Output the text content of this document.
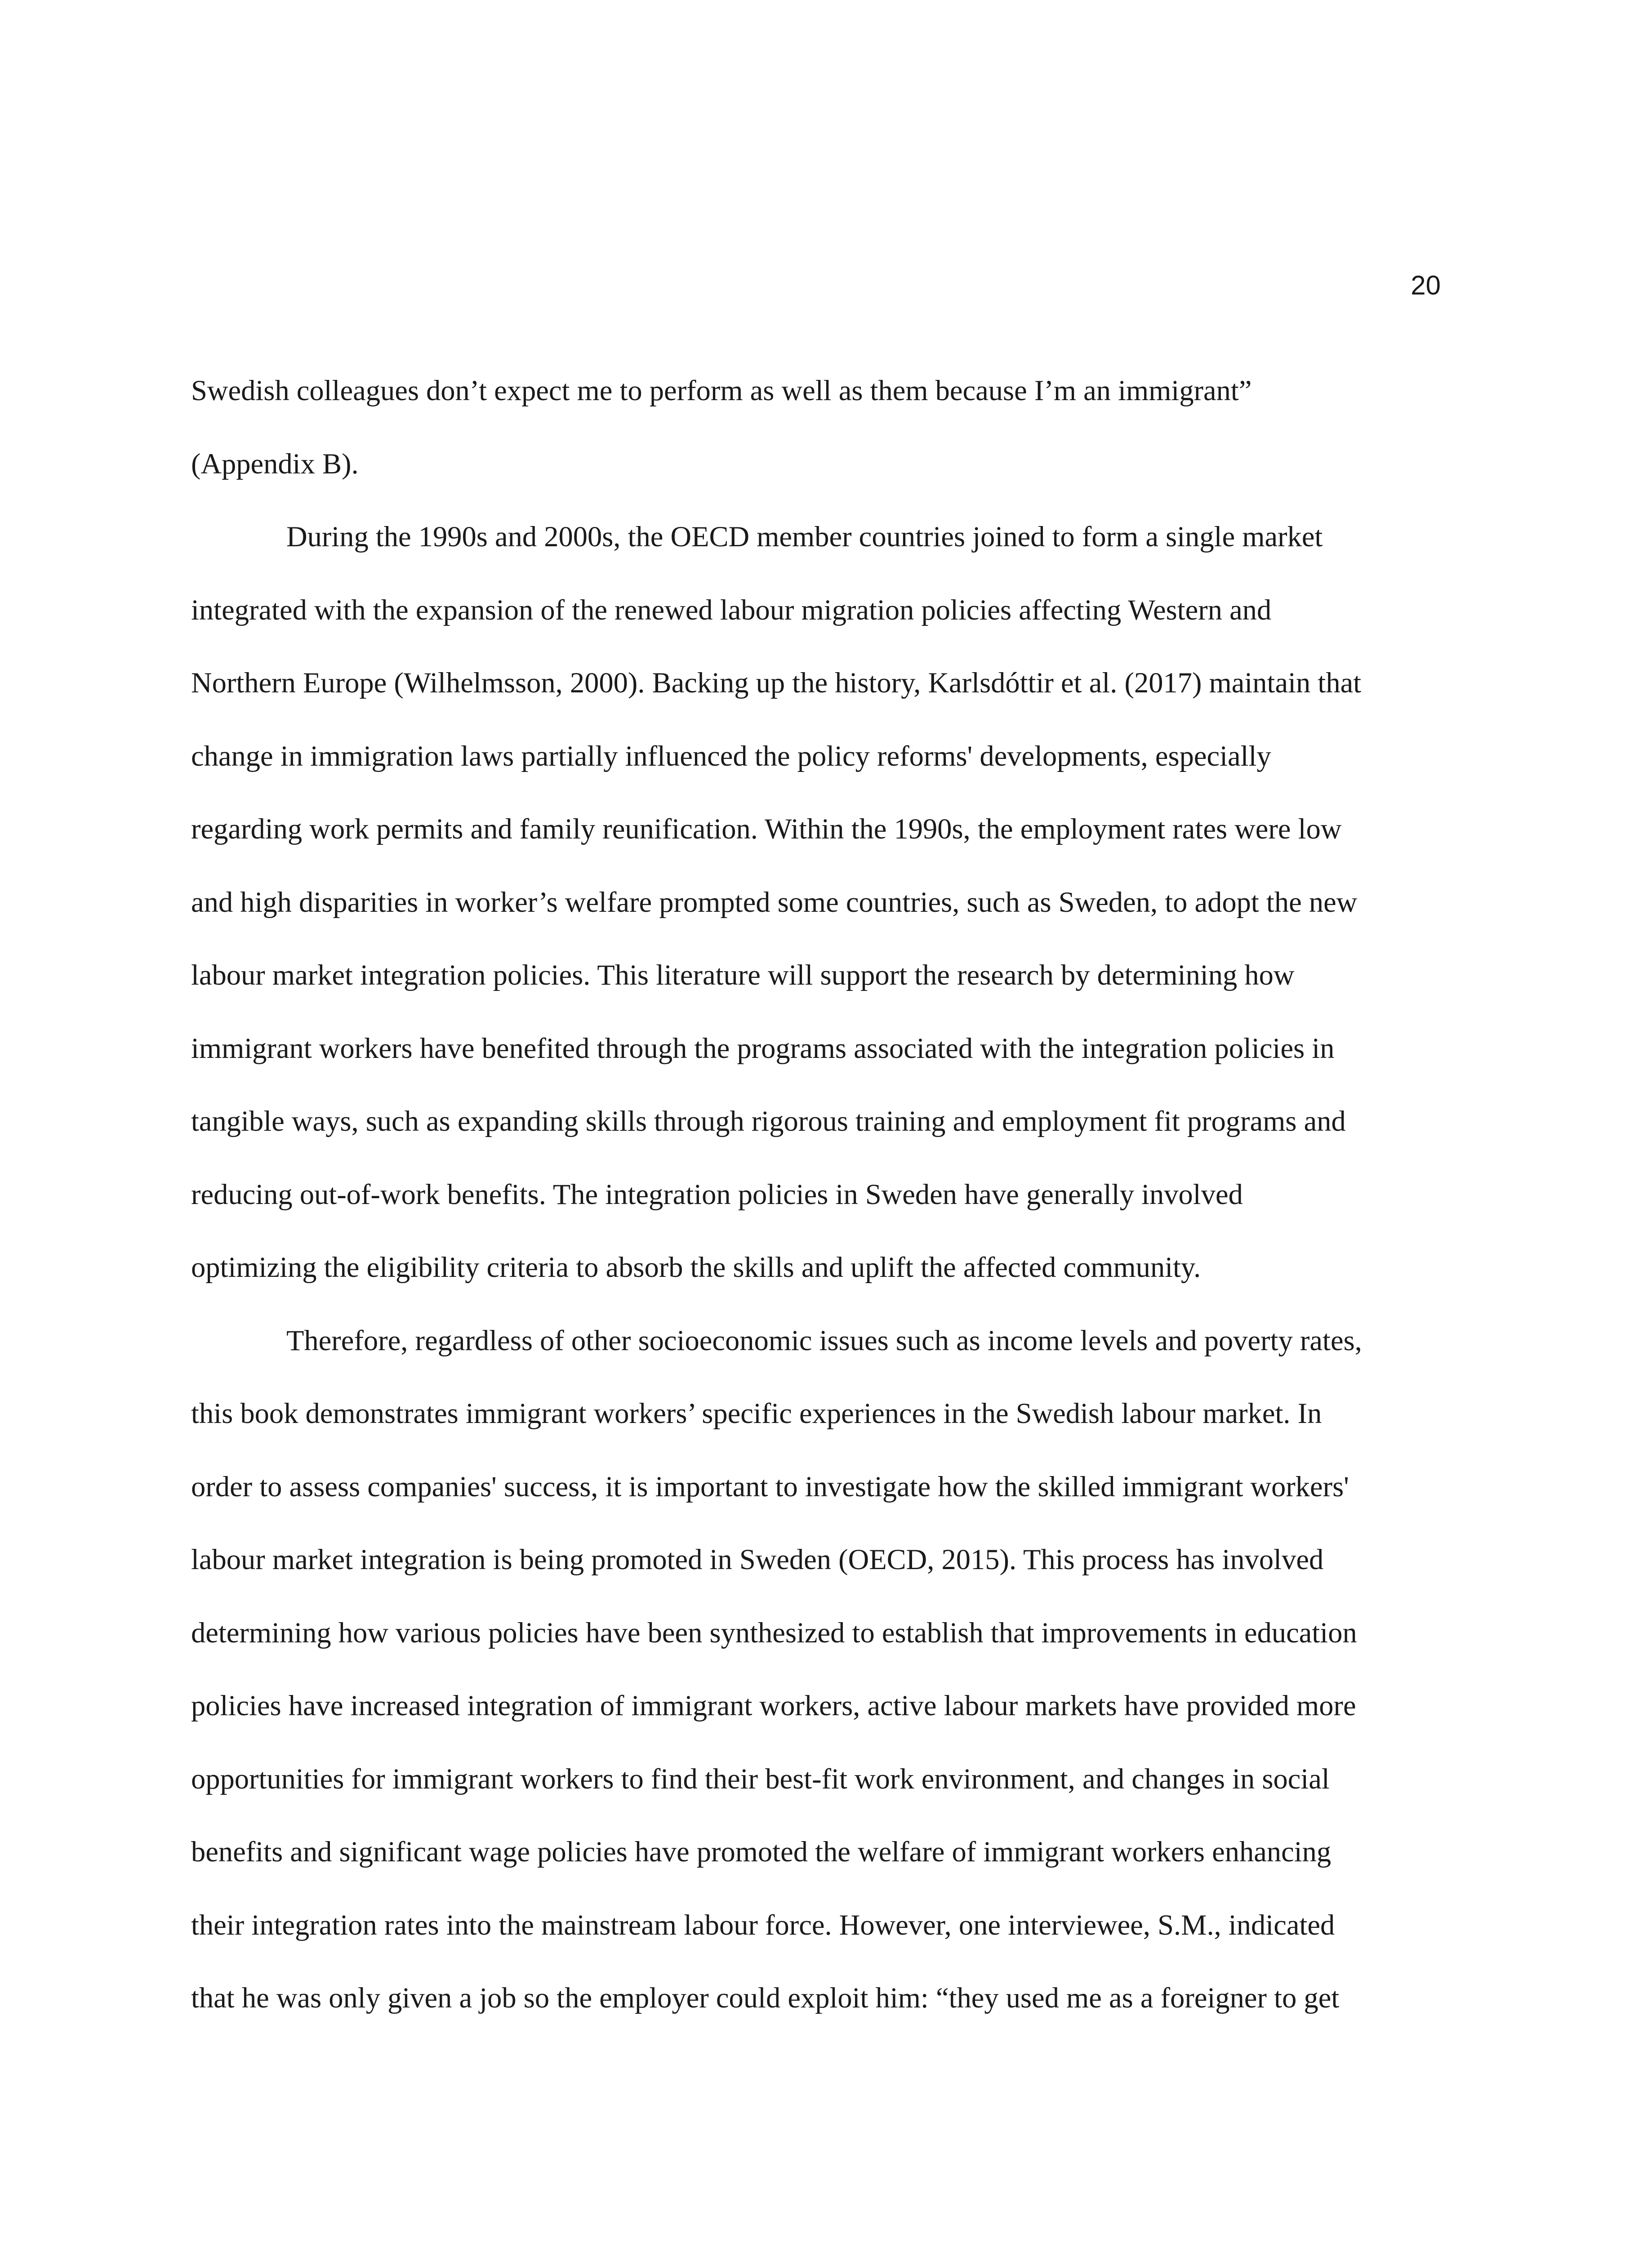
20
Swedish colleagues don’t expect me to perform as well as them because I’m an immigrant”
(Appendix B).
During the 1990s and 2000s, the OECD member countries joined to form a single market
integrated with the expansion of the renewed labour migration policies affecting Western and
Northern Europe (Wilhelmsson, 2000). Backing up the history, Karlsdóttir et al. (2017) maintain that
change in immigration laws partially influenced the policy reforms' developments, especially
regarding work permits and family reunification. Within the 1990s, the employment rates were low
and high disparities in worker’s welfare prompted some countries, such as Sweden, to adopt the new
labour market integration policies. This literature will support the research by determining how
immigrant workers have benefited through the programs associated with the integration policies in
tangible ways, such as expanding skills through rigorous training and employment fit programs and
reducing out-of-work benefits. The integration policies in Sweden have generally involved
optimizing the eligibility criteria to absorb the skills and uplift the affected community.
Therefore, regardless of other socioeconomic issues such as income levels and poverty rates,
this book demonstrates immigrant workers’ specific experiences in the Swedish labour market. In
order to assess companies' success, it is important to investigate how the skilled immigrant workers'
labour market integration is being promoted in Sweden (OECD, 2015). This process has involved
determining how various policies have been synthesized to establish that improvements in education
policies have increased integration of immigrant workers, active labour markets have provided more
opportunities for immigrant workers to find their best-fit work environment, and changes in social
benefits and significant wage policies have promoted the welfare of immigrant workers enhancing
their integration rates into the mainstream labour force. However, one interviewee, S.M., indicated
that he was only given a job so the employer could exploit him: “they used me as a foreigner to get
